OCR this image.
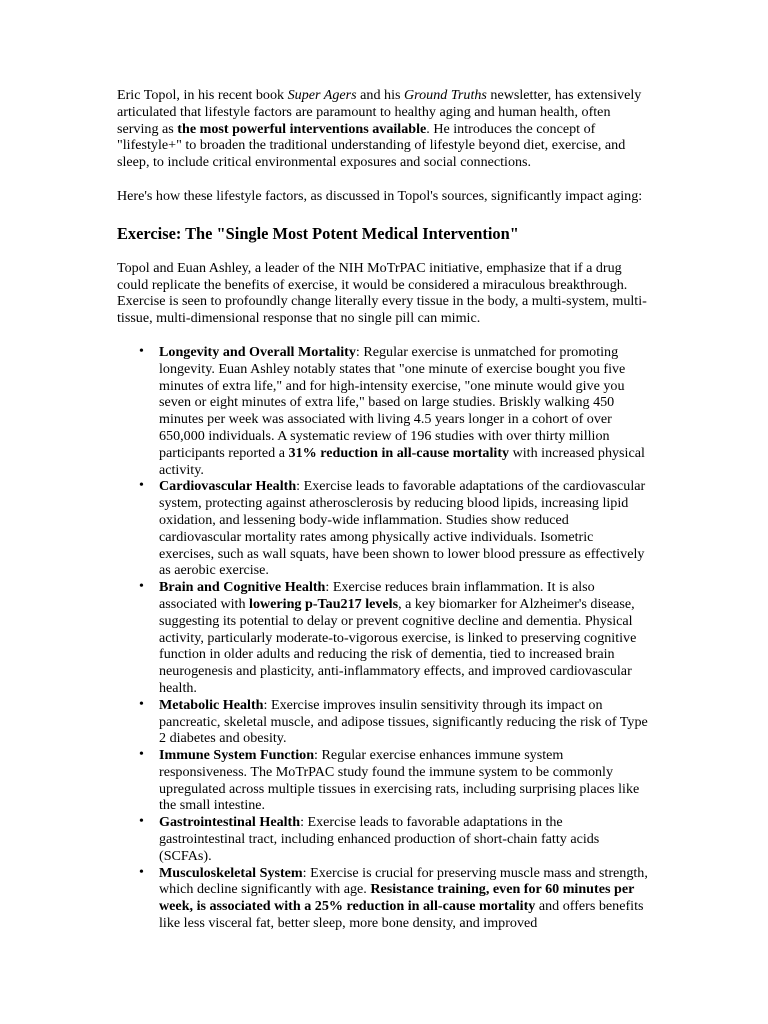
Eric Topol, in his recent book Super Agers and his Ground Truths newsletter, has extensively articulated that lifestyle factors are paramount to healthy aging and human health, often serving as the most powerful interventions available. He introduces the concept of "lifestyle+" to broaden the traditional understanding of lifestyle beyond diet, exercise, and sleep, to include critical environmental exposures and social connections.

Here's how these lifestyle factors, as discussed in Topol's sources, significantly impact aging:

Exercise: The "Single Most Potent Medical Intervention"

Topol and Euan Ashley, a leader of the NIH MoTrPAC initiative, emphasize that if a drug could replicate the benefits of exercise, it would be considered a miraculous breakthrough. Exercise is seen to profoundly change literally every tissue in the body, a multi-system, multi-tissue, multi-dimensional response that no single pill can mimic.

• Longevity and Overall Mortality: Regular exercise is unmatched for promoting longevity. Euan Ashley notably states that "one minute of exercise bought you five minutes of extra life," and for high-intensity exercise, "one minute would give you seven or eight minutes of extra life," based on large studies. Briskly walking 450 minutes per week was associated with living 4.5 years longer in a cohort of over 650,000 individuals. A systematic review of 196 studies with over thirty million participants reported a 31% reduction in all-cause mortality with increased physical activity.
• Cardiovascular Health: Exercise leads to favorable adaptations of the cardiovascular system, protecting against atherosclerosis by reducing blood lipids, increasing lipid oxidation, and lessening body-wide inflammation. Studies show reduced cardiovascular mortality rates among physically active individuals. Isometric exercises, such as wall squats, have been shown to lower blood pressure as effectively as aerobic exercise.
• Brain and Cognitive Health: Exercise reduces brain inflammation. It is also associated with lowering p-Tau217 levels, a key biomarker for Alzheimer's disease, suggesting its potential to delay or prevent cognitive decline and dementia. Physical activity, particularly moderate-to-vigorous exercise, is linked to preserving cognitive function in older adults and reducing the risk of dementia, tied to increased brain neurogenesis and plasticity, anti-inflammatory effects, and improved cardiovascular health.
• Metabolic Health: Exercise improves insulin sensitivity through its impact on pancreatic, skeletal muscle, and adipose tissues, significantly reducing the risk of Type 2 diabetes and obesity.
• Immune System Function: Regular exercise enhances immune system responsiveness. The MoTrPAC study found the immune system to be commonly upregulated across multiple tissues in exercising rats, including surprising places like the small intestine.
• Gastrointestinal Health: Exercise leads to favorable adaptations in the gastrointestinal tract, including enhanced production of short-chain fatty acids (SCFAs).
• Musculoskeletal System: Exercise is crucial for preserving muscle mass and strength, which decline significantly with age. Resistance training, even for 60 minutes per week, is associated with a 25% reduction in all-cause mortality and offers benefits like less visceral fat, better sleep, more bone density, and improved
